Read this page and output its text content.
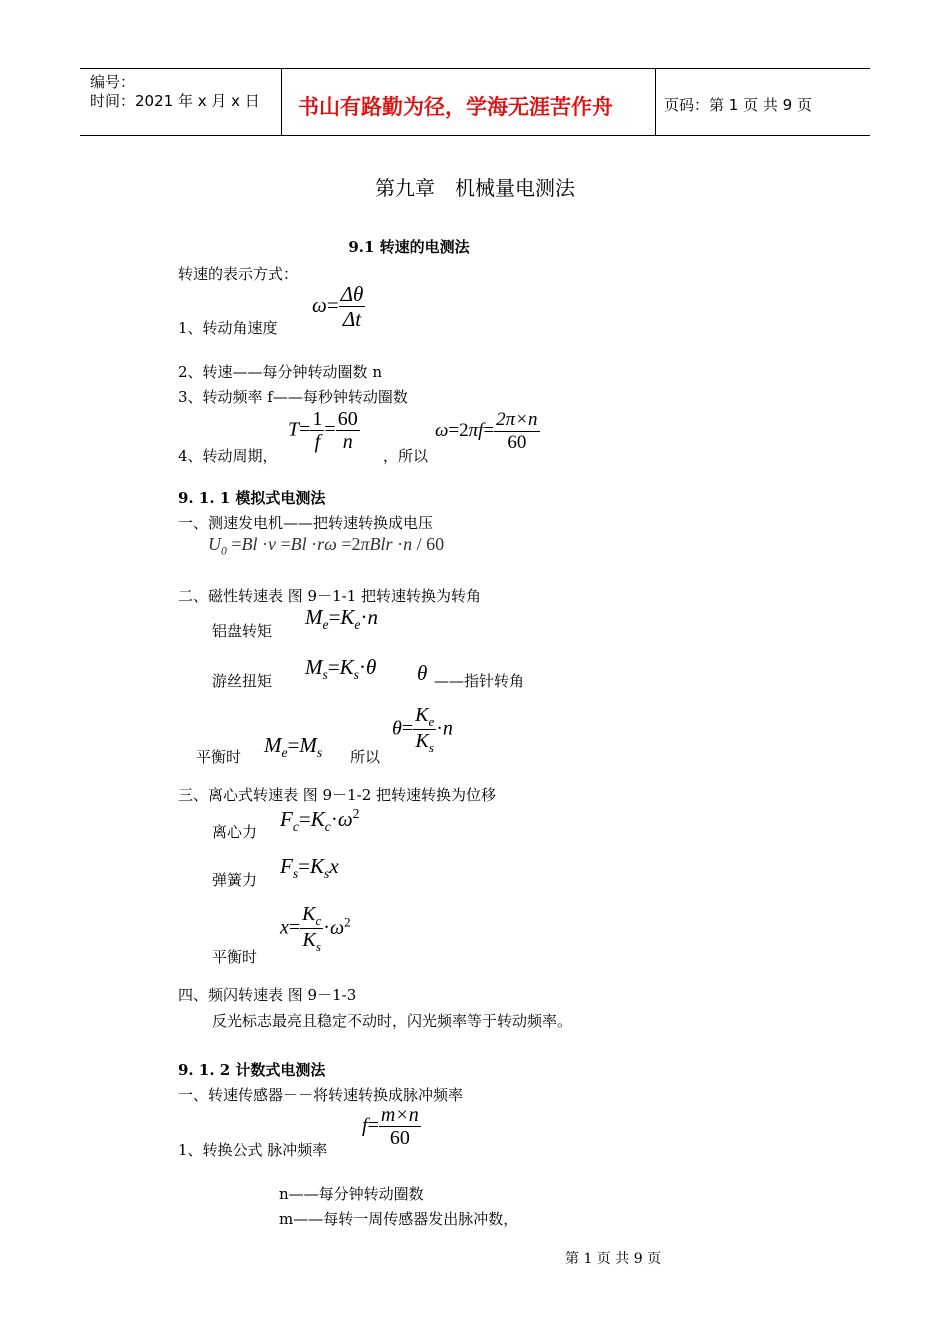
编号：
时间：2021 年 x 月 x 日 书山有路勤为径，学海无涯苦作舟	页码：第 1 页 共 9 页
第九章　机械量电测法
9.1 转速的电测法
转速的表示方式：
1、转动角速度
$\omega= \frac{\Delta\theta}{\Delta t}$
2、转速——每分钟转动圈数 n
3、转动频率 f——每秒钟转动圈数
4、转动周期，
$T= \frac{1}{f} = \frac{60}{n}$
，所以
$\omega=2\pi f= \frac{2\pi\times n}{60}$
9. 1. 1 模拟式电测法
一、测速发电机——把转速转换成电压
$U_0 =Bl \cdot v =Bl \cdot r\omega =2\pi Blr \cdot n / 60$
二、磁性转速表 图 9－1-1 把转速转换为转角
铝盘转矩
$M_e=K_e\cdot n$
游丝扭矩
$M_s=K_s\cdot\theta$ θ ——指针转角
平衡时 $M_e=M_s$ 所以
$\theta= \frac{K_e}{K_s} \cdot n$
三、离心式转速表 图 9－1-2 把转速转换为位移
离心力
$F_c=K_c\cdot\omega^2$
弹簧力
$F_s=K_sx$
平衡时
$x= \frac{K_c}{K_s} \cdot\omega^2$
四、频闪转速表 图 9－1-3
反光标志最亮且稳定不动时，闪光频率等于转动频率。
9. 1. 2 计数式电测法
一、转速传感器－－将转速转换成脉冲频率
1、转换公式 脉冲频率
$f= \frac{m\times n}{60}$
n——每分钟转动圈数
m——每转一周传感器发出脉冲数，
第 1 页 共 9 页
